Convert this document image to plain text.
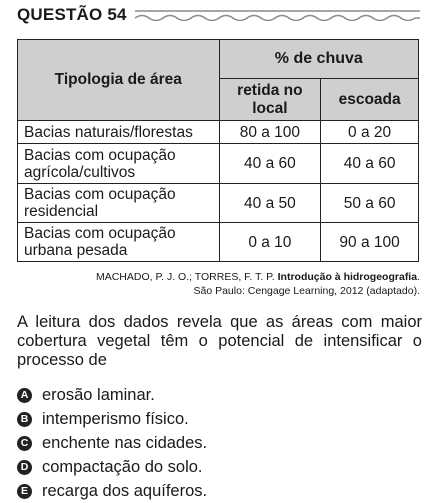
QUESTÃO 54
Tipologia de área	% de chuva	
	retida no local	escoada
Bacias naturais/florestas	80 a 100	0 a 20
Bacias com ocupação agrícola/cultivos	40 a 60	40 a 60
Bacias com ocupação residencial	40 a 50	50 a 60
Bacias com ocupação urbana pesada	0 a 10	90 a 100
MACHADO, P. J. O.; TORRES, F. T. P. Introdução à hidrogeografia.
São Paulo: Cengage Learning, 2012 (adaptado).
A leitura dos dados revela que as áreas com maior cobertura vegetal têm o potencial de intensificar o processo de
A erosão laminar.
B intemperismo físico.
C enchente nas cidades.
D compactação do solo.
E recarga dos aquíferos.
